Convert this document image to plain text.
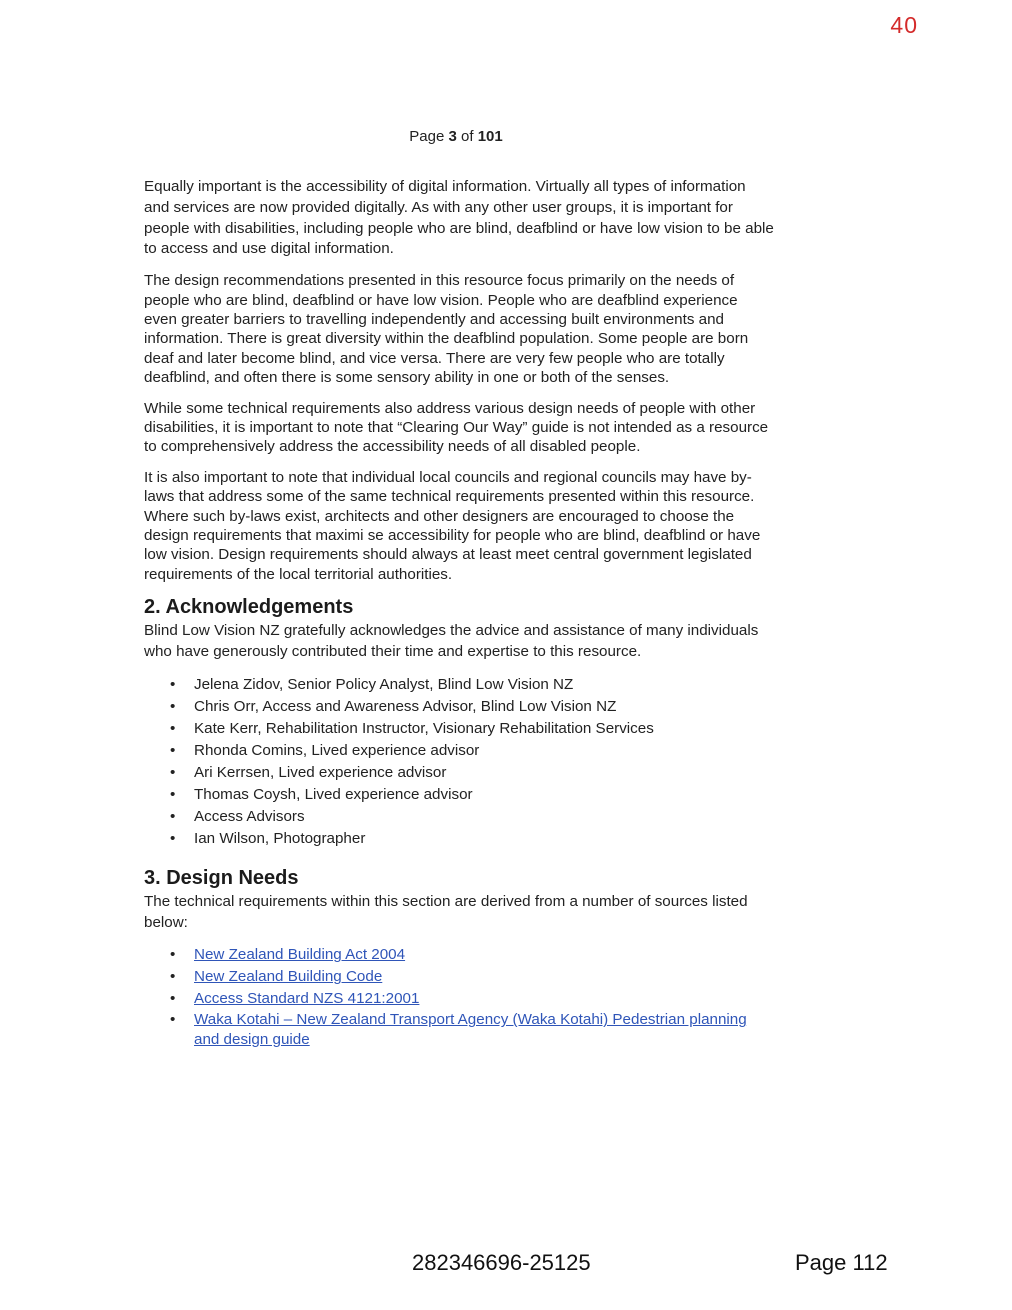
40
Page 3 of 101

Equally important is the accessibility of digital information. Virtually all types of information and services are now provided digitally. As with any other user groups, it is important for people with disabilities, including people who are blind, deafblind or have low vision to be able to access and use digital information.

The design recommendations presented in this resource focus primarily on the needs of people who are blind, deafblind or have low vision. People who are deafblind experience even greater barriers to travelling independently and accessing built environments and information. There is great diversity within the deafblind population. Some people are born deaf and later become blind, and vice versa. There are very few people who are totally deafblind, and often there is some sensory ability in one or both of the senses.

While some technical requirements also address various design needs of people with other disabilities, it is important to note that “Clearing Our Way” guide is not intended as a resource to comprehensively address the accessibility needs of all disabled people.

It is also important to note that individual local councils and regional councils may have by-laws that address some of the same technical requirements presented within this resource. Where such by-laws exist, architects and other designers are encouraged to choose the design requirements that maximi se accessibility for people who are blind, deafblind or have low vision. Design requirements should always at least meet central government legislated requirements of the local territorial authorities.

2. Acknowledgements

Blind Low Vision NZ gratefully acknowledges the advice and assistance of many individuals who have generously contributed their time and expertise to this resource.

• Jelena Zidov, Senior Policy Analyst, Blind Low Vision NZ
• Chris Orr, Access and Awareness Advisor, Blind Low Vision NZ
• Kate Kerr, Rehabilitation Instructor, Visionary Rehabilitation Services
• Rhonda Comins, Lived experience advisor
• Ari Kerrsen, Lived experience advisor
• Thomas Coysh, Lived experience advisor
• Access Advisors
• Ian Wilson, Photographer
3. Design Needs

The technical requirements within this section are derived from a number of sources listed below:

• New Zealand Building Act 2004
• New Zealand Building Code
• Access Standard NZS 4121:2001
• Waka Kotahi – New Zealand Transport Agency (Waka Kotahi) Pedestrian planning and design guide
282346696-25125	Page 112
